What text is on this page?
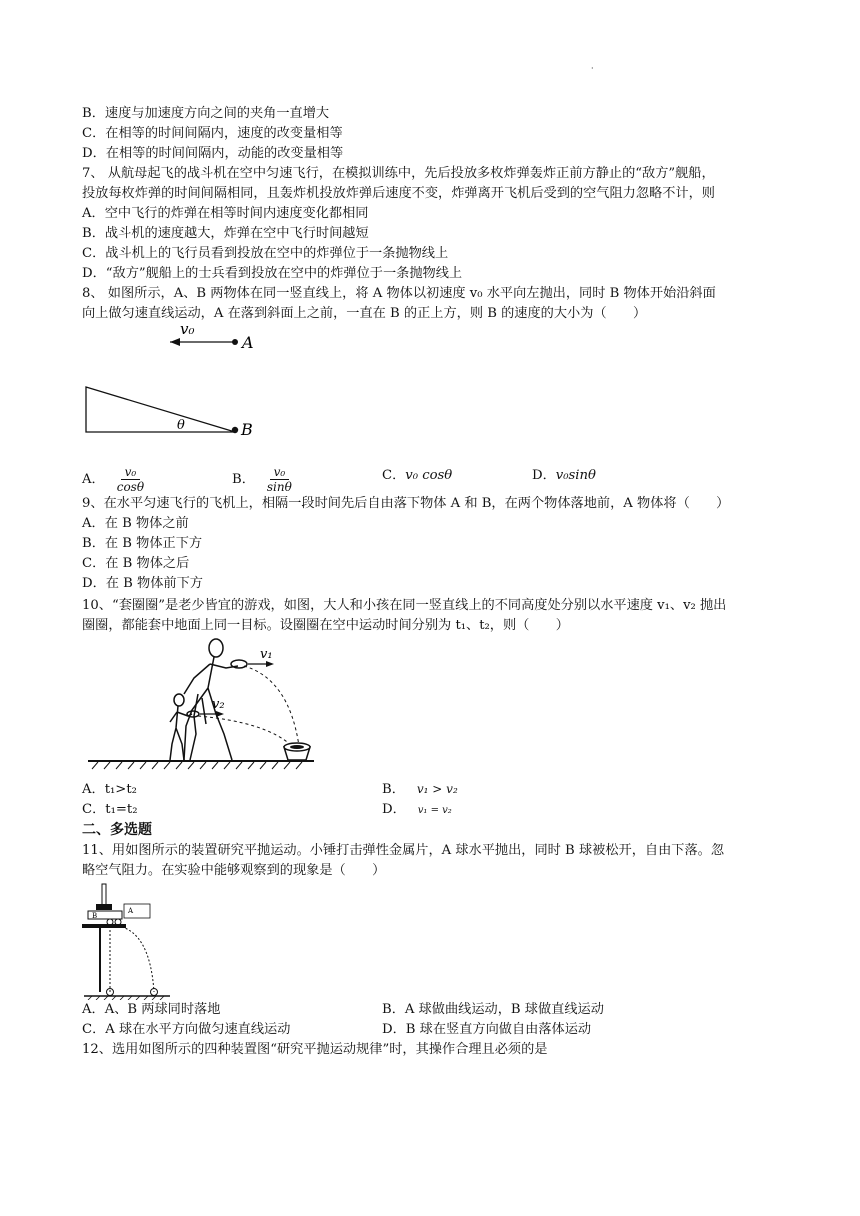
·
B．速度与加速度方向之间的夹角一直增大
C．在相等的时间间隔内，速度的改变量相等
D．在相等的时间间隔内，动能的改变量相等
7、 从航母起飞的战斗机在空中匀速飞行，在模拟训练中，先后投放多枚炸弹轰炸正前方静止的“敌方”舰船，
投放每枚炸弹的时间间隔相同，且轰炸机投放炸弹后速度不变，炸弹离开飞机后受到的空气阻力忽略不计，则
A．空中飞行的炸弹在相等时间内速度变化都相同
B．战斗机的速度越大，炸弹在空中飞行时间越短
C．战斗机上的飞行员看到投放在空中的炸弹位于一条抛物线上
D．“敌方”舰船上的士兵看到投放在空中的炸弹位于一条抛物线上
8、 如图所示，A、B 两物体在同一竖直线上，将 A 物体以初速度 v₀ 水平向左抛出，同时 B 物体开始沿斜面
向上做匀速直线运动，A 在落到斜面上之前，一直在 B 的正上方，则 B 的速度的大小为（　　）
v₀
A
B
θ
A． $\frac{\text{v₀}}{\cos\theta}$	B． $\frac{\text{v₀}}{\sin\theta}$	C．v₀ cosθ	D．v₀sinθ
9、在水平匀速飞行的飞机上，相隔一段时间先后自由落下物体 A 和 B，在两个物体落地前，A 物体将（　　）
A．在 B 物体之前
B．在 B 物体正下方
C．在 B 物体之后
D．在 B 物体前下方
10、“套圈圈”是老少皆宜的游戏，如图，大人和小孩在同一竖直线上的不同高度处分别以水平速度 v₁、v₂ 抛出
圈圈，都能套中地面上同一目标。设圈圈在空中运动时间分别为 t₁、t₂，则（　　）
v₁
v₂
A．t₁>t₂	B． v₁ > v₂
C．t₁=t₂	D． v₁ = v₂
二、多选题
11、用如图所示的装置研究平抛运动。小锤打击弹性金属片，A 球水平抛出，同时 B 球被松开，自由下落。忽
略空气阻力。在实验中能够观察到的现象是（　　）
B
A
A．A、B 两球同时落地	B．A 球做曲线运动，B 球做直线运动
C．A 球在水平方向做匀速直线运动	D．B 球在竖直方向做自由落体运动
12、选用如图所示的四种装置图“研究平抛运动规律”时，其操作合理且必须的是
